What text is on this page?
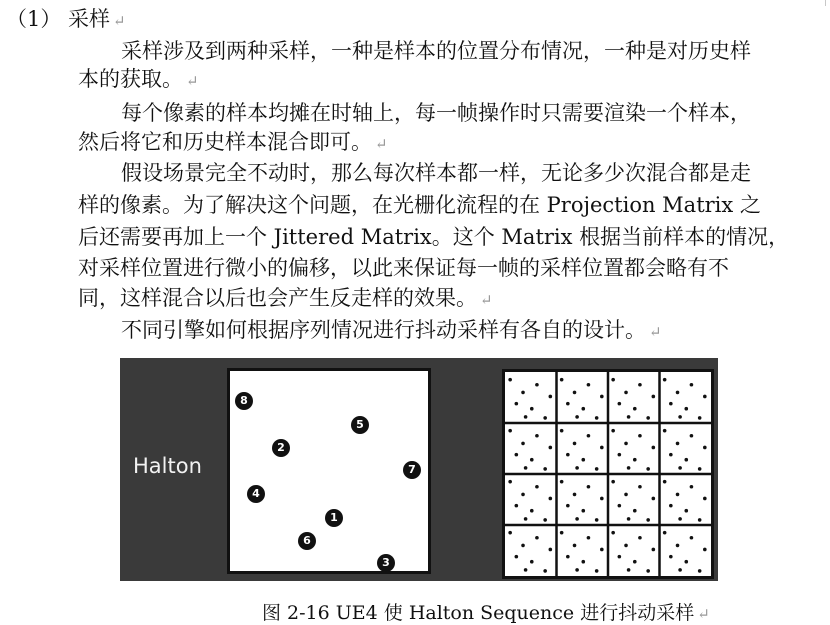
（1） 采样 ↵
采样涉及到两种采样，一种是样本的位置分布情况，一种是对历史样
本的获取。 ↵
每个像素的样本均摊在时轴上，每一帧操作时只需要渲染一个样本，
然后将它和历史样本混合即可。 ↵
假设场景完全不动时，那么每次样本都一样，无论多少次混合都是走
样的像素。为了解决这个问题，在光栅化流程的在 Projection Matrix 之
后还需要再加上一个 Jittered Matrix。这个 Matrix 根据当前样本的情况，
对采样位置进行微小的偏移，以此来保证每一帧的采样位置都会略有不
同，这样混合以后也会产生反走样的效果。 ↵
不同引擎如何根据序列情况进行抖动采样有各自的设计。 ↵
Halton
8
5
2
7
4
1
6
3
图 2-16 UE4 使 Halton Sequence 进行抖动采样 ↵
